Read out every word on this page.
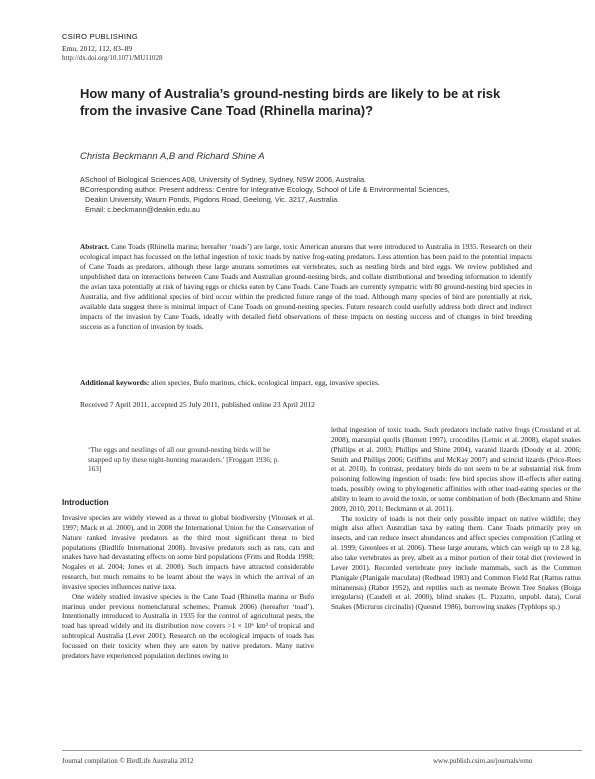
CSIRO PUBLISHING
Emu, 2012, 112, 83–89
http://dx.doi.org/10.1071/MU11028
How many of Australia’s ground-nesting birds are likely to be at risk from the invasive Cane Toad (Rhinella marina)?
Christa Beckmann A,B and Richard Shine A
ASchool of Biological Sciences A08, University of Sydney, Sydney, NSW 2006, Australia.
BCorresponding author. Present address: Centre for Integrative Ecology, School of Life & Environmental Sciences,
Deakin University, Waurn Ponds, Pigdons Road, Geelong, Vic. 3217, Australia.
Email: c.beckmann@deakin.edu.au
Abstract. Cane Toads (Rhinella marina; hereafter ‘toads’) are large, toxic American anurans that were introduced to Australia in 1935. Research on their ecological impact has focussed on the lethal ingestion of toxic toads by native frog-eating predators. Less attention has been paid to the potential impacts of Cane Toads as predators, although these large anurans sometimes eat vertebrates, such as nestling birds and bird eggs. We review published and unpublished data on interactions between Cane Toads and Australian ground-nesting birds, and collate distributional and breeding information to identify the avian taxa potentially at risk of having eggs or chicks eaten by Cane Toads. Cane Toads are currently sympatric with 80 ground-nesting bird species in Australia, and five additional species of bird occur within the predicted future range of the toad. Although many species of bird are potentially at risk, available data suggest there is minimal impact of Cane Toads on ground-nesting species. Future research could usefully address both direct and indirect impacts of the invasion by Cane Toads, ideally with detailed field observations of these impacts on nesting success and of changes in bird breeding success as a function of invasion by toads.
Additional keywords: alien species, Bufo marinus, chick, ecological impact, egg, invasive species.
Received 7 April 2011, accepted 25 July 2011, published online 23 April 2012
‘The eggs and nestlings of all our ground-nesting birds will be snapped up by these night-hunting marauders.’ [Froggatt 1936; p. 163]
Introduction

Invasive species are widely viewed as a threat to global biodiversity (Vitousek et al. 1997; Mack et al. 2000), and in 2008 the International Union for the Conservation of Nature ranked invasive predators as the third most significant threat to bird populations (Birdlife International 2008). Invasive predators such as rats, cats and snakes have had devastating effects on some bird populations (Fritts and Rodda 1998; Nogales et al. 2004; Jones et al. 2008). Such impacts have attracted considerable research, but much remains to be learnt about the ways in which the arrival of an invasive species influences native taxa.

One widely studied invasive species is the Cane Toad (Rhinella marina or Bufo marinus under previous nomenclatural schemes; Pramuk 2006) (hereafter ‘toad’). Intentionally introduced to Australia in 1935 for the control of agricultural pests, the toad has spread widely and its distribution now covers >1 × 10⁶ km² of tropical and subtropical Australia (Lever 2001). Research on the ecological impacts of toads has focussed on their toxicity when they are eaten by native predators. Many native predators have experienced population declines owing to

lethal ingestion of toxic toads. Such predators include native frogs (Crossland et al. 2008), marsupial quolls (Burnett 1997), crocodiles (Letnic et al. 2008), elapid snakes (Phillips et al. 2003; Phillips and Shine 2004), varanid lizards (Doody et al. 2006; Smith and Phillips 2006; Griffiths and McKay 2007) and scincid lizards (Price-Rees et al. 2010). In contrast, predatory birds do not seem to be at substantial risk from poisoning following ingestion of toads: few bird species show ill-effects after eating toads, possibly owing to phylogenetic affinities with other toad-eating species or the ability to learn to avoid the toxin, or some combination of both (Beckmann and Shine 2009, 2010, 2011; Beckmann et al. 2011).

The toxicity of toads is not their only possible impact on native wildlife; they might also affect Australian taxa by eating them. Cane Toads primarily prey on insects, and can reduce insect abundances and affect species composition (Catling et al. 1999; Greenlees et al. 2006). These large anurans, which can weigh up to 2.8 kg, also take vertebrates as prey, albeit as a minor portion of their total diet (reviewed in Lever 2001). Recorded vertebrate prey include mammals, such as the Common Planigale (Planigale maculata) (Redhead 1983) and Common Field Rat (Rattus rattus minanensis) (Rabor 1952), and reptiles such as neonate Brown Tree Snakes (Boiga irregularis) (Caudell et al. 2000), blind snakes (L. Pizzatto, unpubl. data), Coral Snakes (Micrurus circinalis) (Quesnel 1986), burrowing snakes (Typhlops sp.)

Journal compilation © BirdLife Australia 2012	www.publish.csiro.au/journals/emu
